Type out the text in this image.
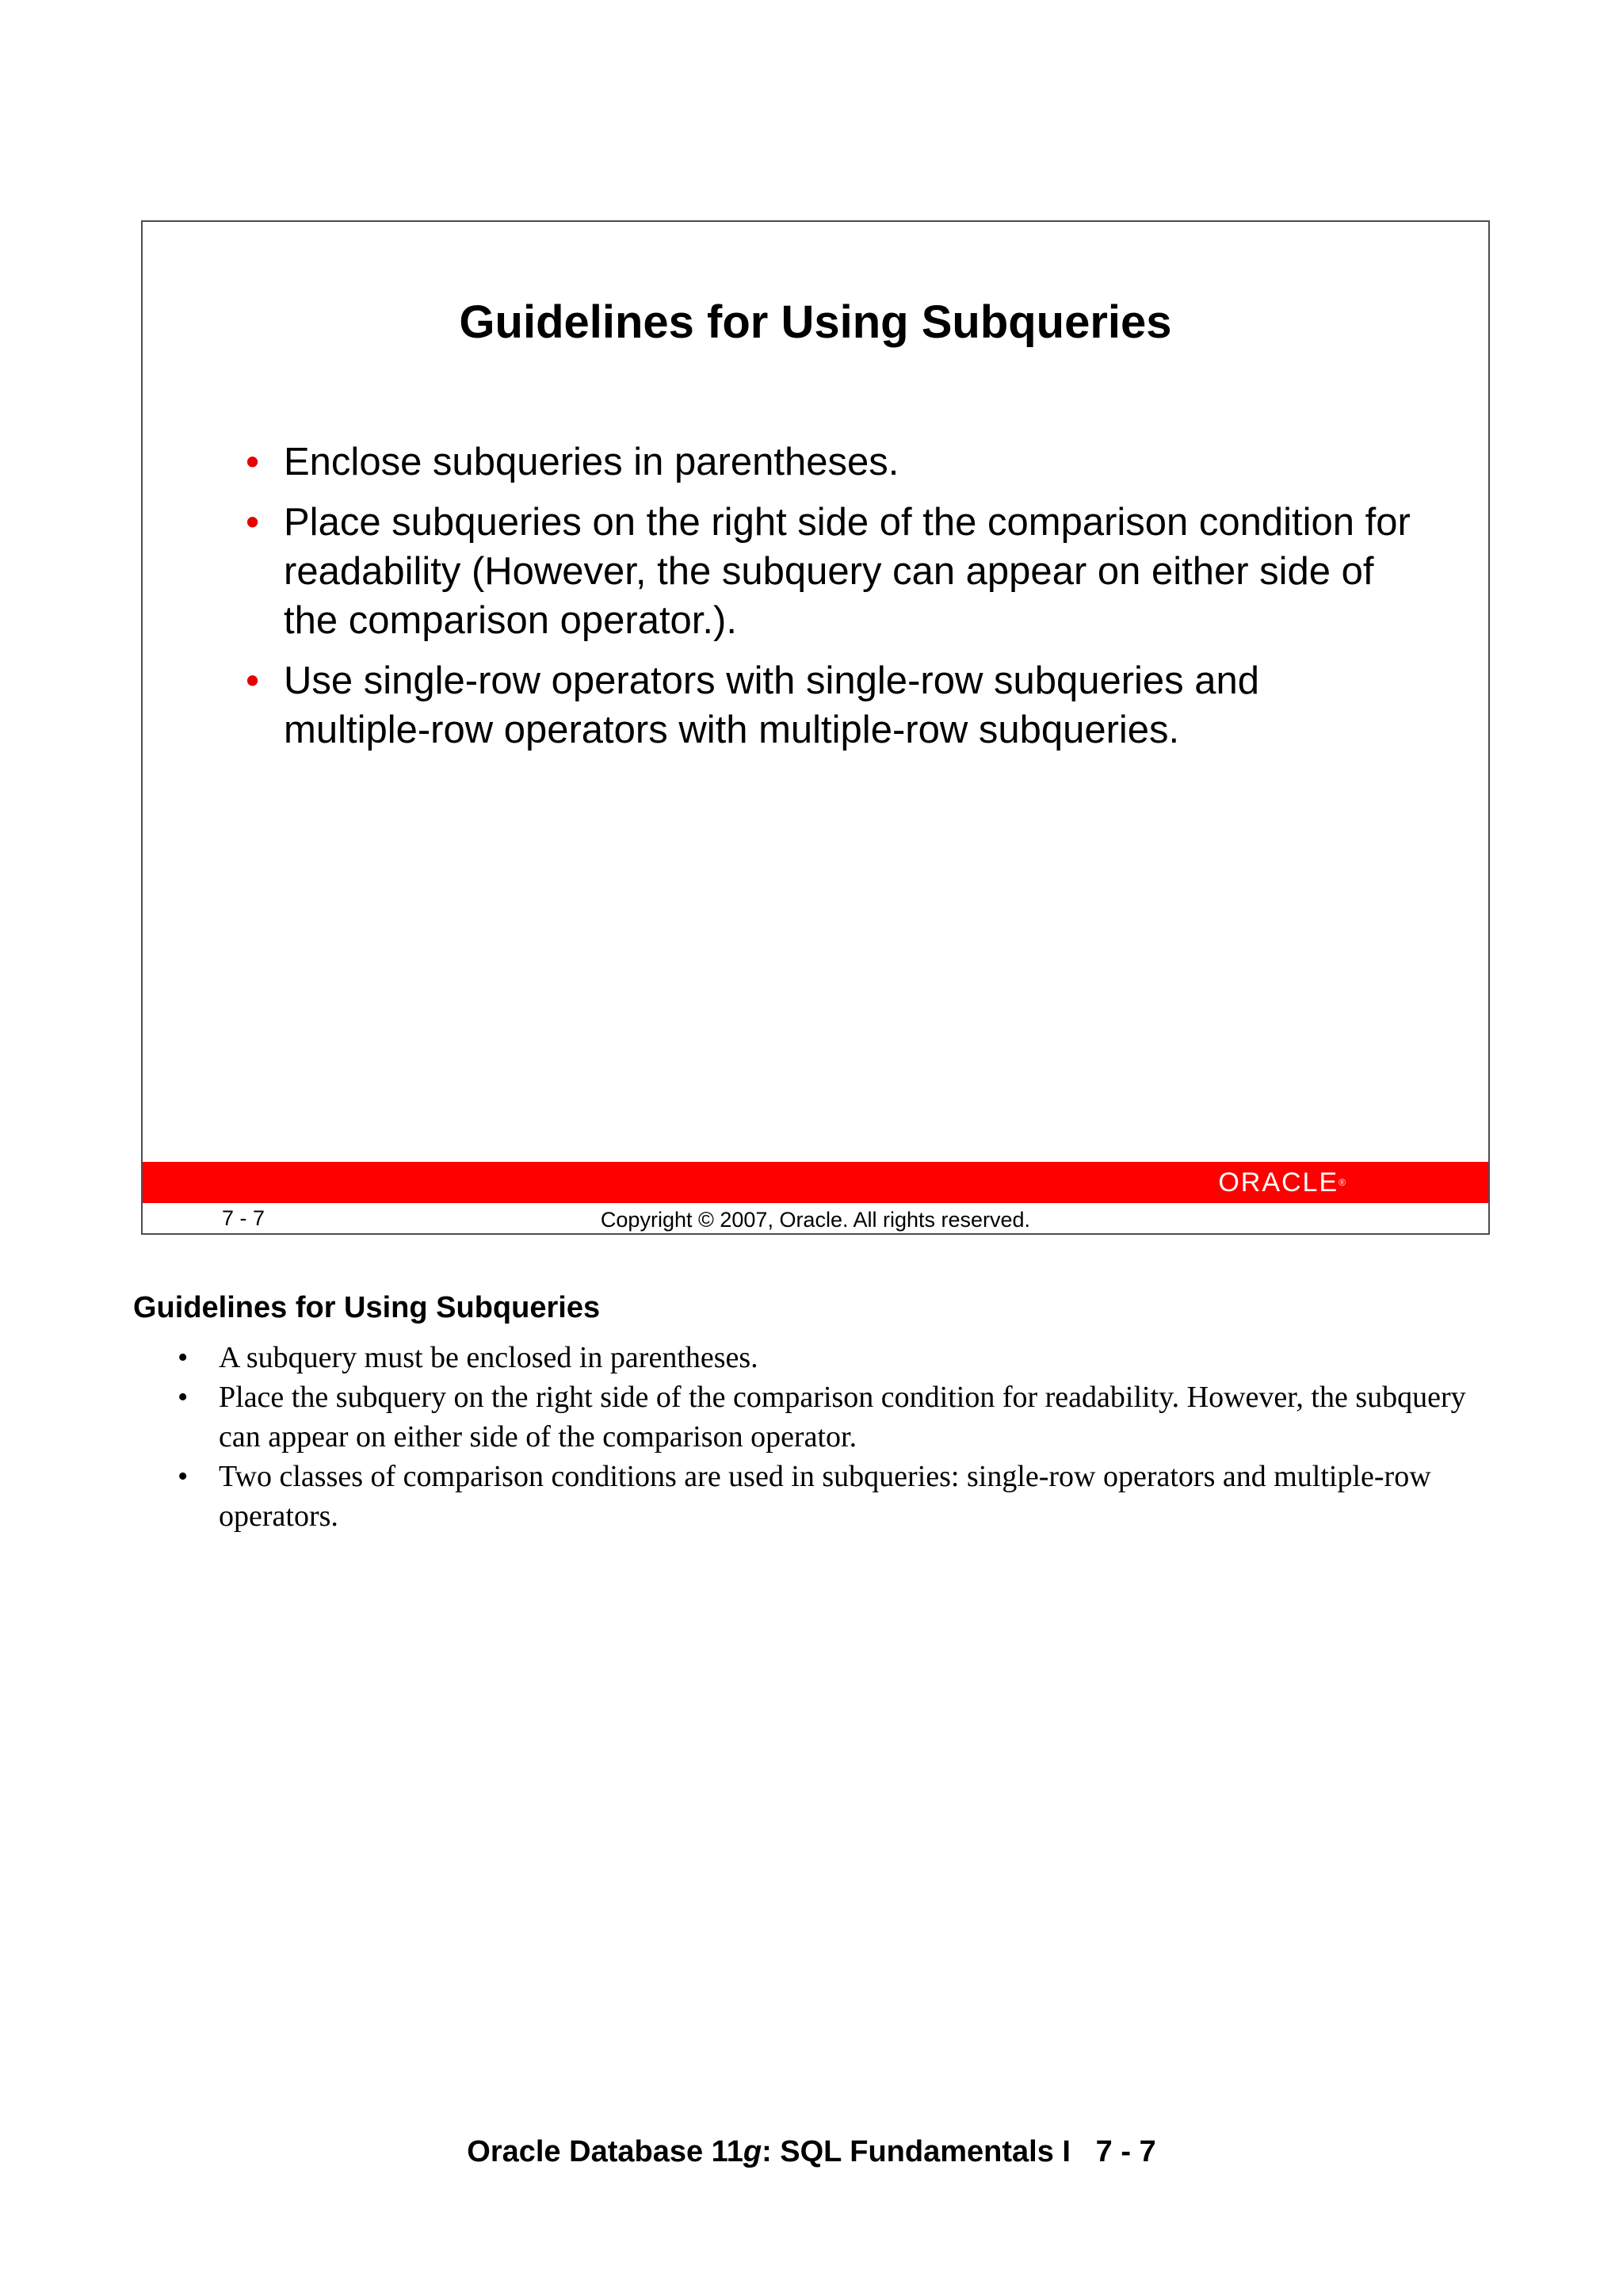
Guidelines for Using Subqueries
• Enclose subqueries in parentheses.
• Place subqueries on the right side of the comparison condition for readability (However, the subquery can appear on either side of the comparison operator.).
• Use single-row operators with single-row subqueries and multiple-row operators with multiple-row subqueries.
ORACLE®
7 - 7	Copyright © 2007, Oracle. All rights reserved.
Guidelines for Using Subqueries
• A subquery must be enclosed in parentheses.
• Place the subquery on the right side of the comparison condition for readability. However, the subquery can appear on either side of the comparison operator.
• Two classes of comparison conditions are used in subqueries: single-row operators and multiple-row operators.
Oracle Database 11g: SQL Fundamentals I 7 - 7
